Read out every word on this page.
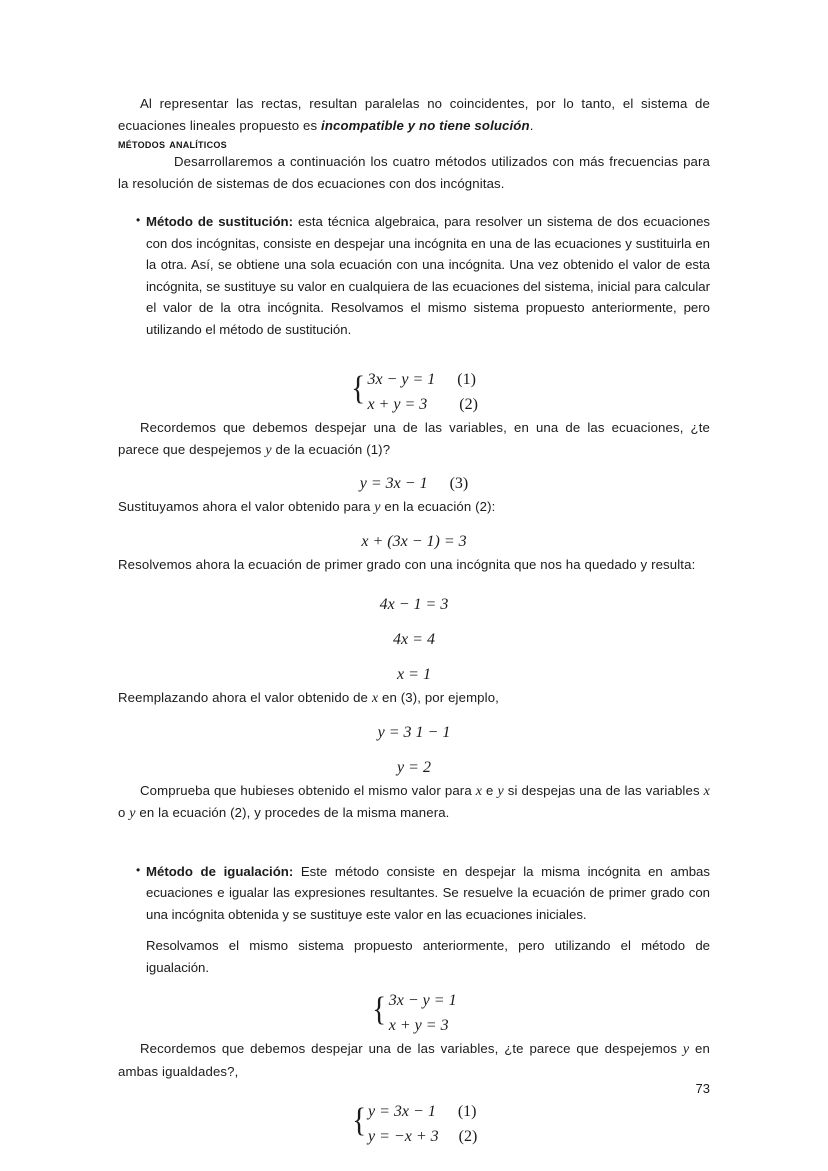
Al representar las rectas, resultan paralelas no coincidentes, por lo tanto, el sistema de ecuaciones lineales propuesto es incompatible y no tiene solución.

métodos analíticos

Desarrollaremos a continuación los cuatro métodos utilizados con más frecuencias para la resolución de sistemas de dos ecuaciones con dos incógnitas.

• Método de sustitución: esta técnica algebraica, para resolver un sistema de dos ecuaciones con dos incógnitas, consiste en despejar una incógnita en una de las ecuaciones y sustituirla en la otra. Así, se obtiene una sola ecuación con una incógnita. Una vez obtenido el valor de esta incógnita, se sustituye su valor en cualquiera de las ecuaciones del sistema, inicial para calcular el valor de la otra incógnita. Resolvamos el mismo sistema propuesto anteriormente, pero utilizando el método de sustitución.
{ 3x − y = 1 (1)
x + y = 3 (2)

Recordemos que debemos despejar una de las variables, en una de las ecuaciones, ¿te parece que despejemos y de la ecuación (1)?

y = 3x − 1 (3)

Sustituyamos ahora el valor obtenido para y en la ecuación (2):

x + (3x − 1) = 3

Resolvemos ahora la ecuación de primer grado con una incógnita que nos ha quedado y resulta:

4x − 1 = 3
4x = 4
x = 1

Reemplazando ahora el valor obtenido de x en (3), por ejemplo,

y = 3 1 − 1
y = 2

Comprueba que hubieses obtenido el mismo valor para x e y si despejas una de las variables x o y en la ecuación (2), y procedes de la misma manera.

• Método de igualación: Este método consiste en despejar la misma incógnita en ambas ecuaciones e igualar las expresiones resultantes. Se resuelve la ecuación de primer grado con una incógnita obtenida y se sustituye este valor en las ecuaciones iniciales.
Resolvamos el mismo sistema propuesto anteriormente, pero utilizando el método de igualación.
{ 3x − y = 1
x + y = 3

Recordemos que debemos despejar una de las variables, ¿te parece que despejemos y en ambas igualdades?,

{ y = 3x − 1 (1)
y = −x + 3 (2)
73
